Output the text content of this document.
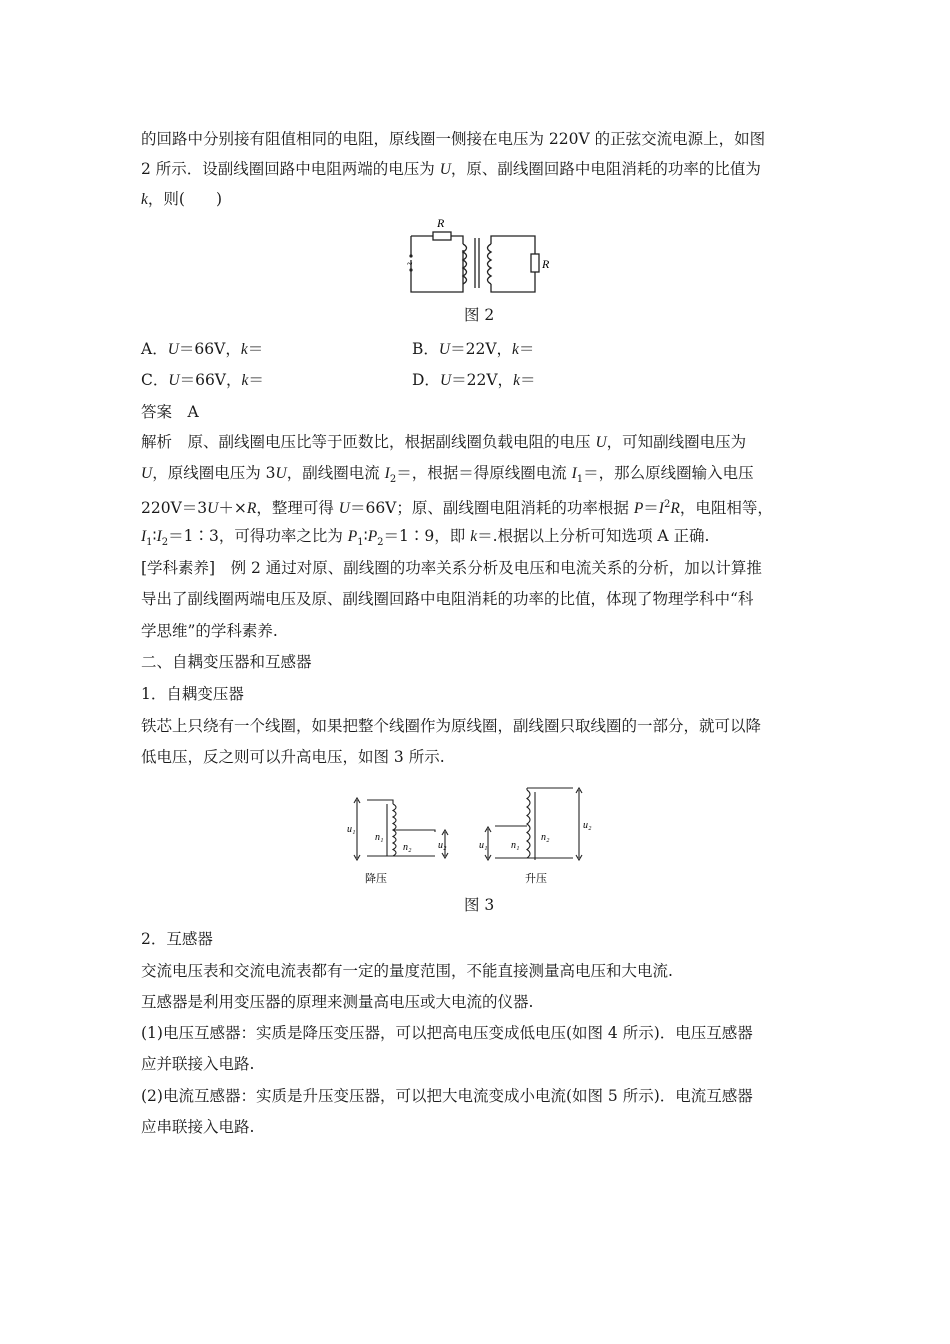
的回路中分别接有阻值相同的电阻，原线圈一侧接在电压为 220V 的正弦交流电源上，如图
2 所示．设副线圈回路中电阻两端的电压为 U，原、副线圈回路中电阻消耗的功率的比值为
k，则(　　)
~
R
R
图 2
A．U＝66V，k＝	B．U＝22V，k＝
C．U＝66V，k＝	D．U＝22V，k＝
答案　A
解析　原、副线圈电压比等于匝数比，根据副线圈负载电阻的电压 U，可知副线圈电压为
U，原线圈电压为 3U，副线圈电流 $I_2=$，根据＝得原线圈电流 $I_1=$，那么原线圈输入电压
220V＝3U＋×R，整理可得 U＝66V；原、副线圈电阻消耗的功率根据 $P=I^2R$，电阻相等，
$I_1∶I_2=1∶3$，可得功率之比为 $P_1∶P_2=1∶9$，即 k＝.根据以上分析可知选项 A 正确.
[学科素养]　例 2 通过对原、副线圈的功率关系分析及电压和电流关系的分析，加以计算推
导出了副线圈两端电压及原、副线圈回路中电阻消耗的功率的比值，体现了物理学科中“科
学思维”的学科素养.
二、自耦变压器和互感器
1．自耦变压器
铁芯上只绕有一个线圈，如果把整个线圈作为原线圈，副线圈只取线圈的一部分，就可以降
低电压，反之则可以升高电压，如图 3 所示.
u₁
n₁
n₂	u₂
降压
u₁ n₁
n₂
u₂
升压
图 3
2．互感器
交流电压表和交流电流表都有一定的量度范围，不能直接测量高电压和大电流.
互感器是利用变压器的原理来测量高电压或大电流的仪器.
(1)电压互感器：实质是降压变压器，可以把高电压变成低电压(如图 4 所示)．电压互感器
应并联接入电路.
(2)电流互感器：实质是升压变压器，可以把大电流变成小电流(如图 5 所示)．电流互感器
应串联接入电路.
